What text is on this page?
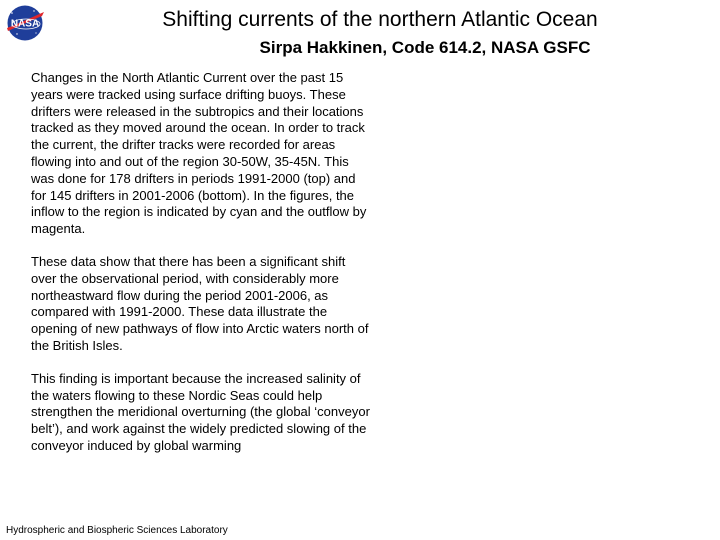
NASA	Shifting currents of the northern Atlantic Ocean
Sirpa Hakkinen, Code 614.2, NASA GSFC

Changes in the North Atlantic Current over the past 15 years were tracked using surface drifting buoys. These drifters were released in the subtropics and their locations tracked as they moved around the ocean. In order to track the current, the drifter tracks were recorded for areas flowing into and out of the region 30-50W, 35-45N. This was done for 178 drifters in periods 1991-2000 (top) and for 145 drifters in 2001-2006 (bottom). In the figures, the inflow to the region is indicated by cyan and the outflow by magenta.

These data show that there has been a significant shift over the observational period, with considerably more northeastward flow during the period 2001-2006, as compared with 1991-2000. These data illustrate the opening of new pathways of flow into Arctic waters north of the British Isles.

This finding is important because the increased salinity of the waters flowing to these Nordic Seas could help strengthen the meridional overturning (the global ‘conveyor belt’), and work against the widely predicted slowing of the conveyor induced by global warming

Hydrospheric and Biospheric Sciences Laboratory
